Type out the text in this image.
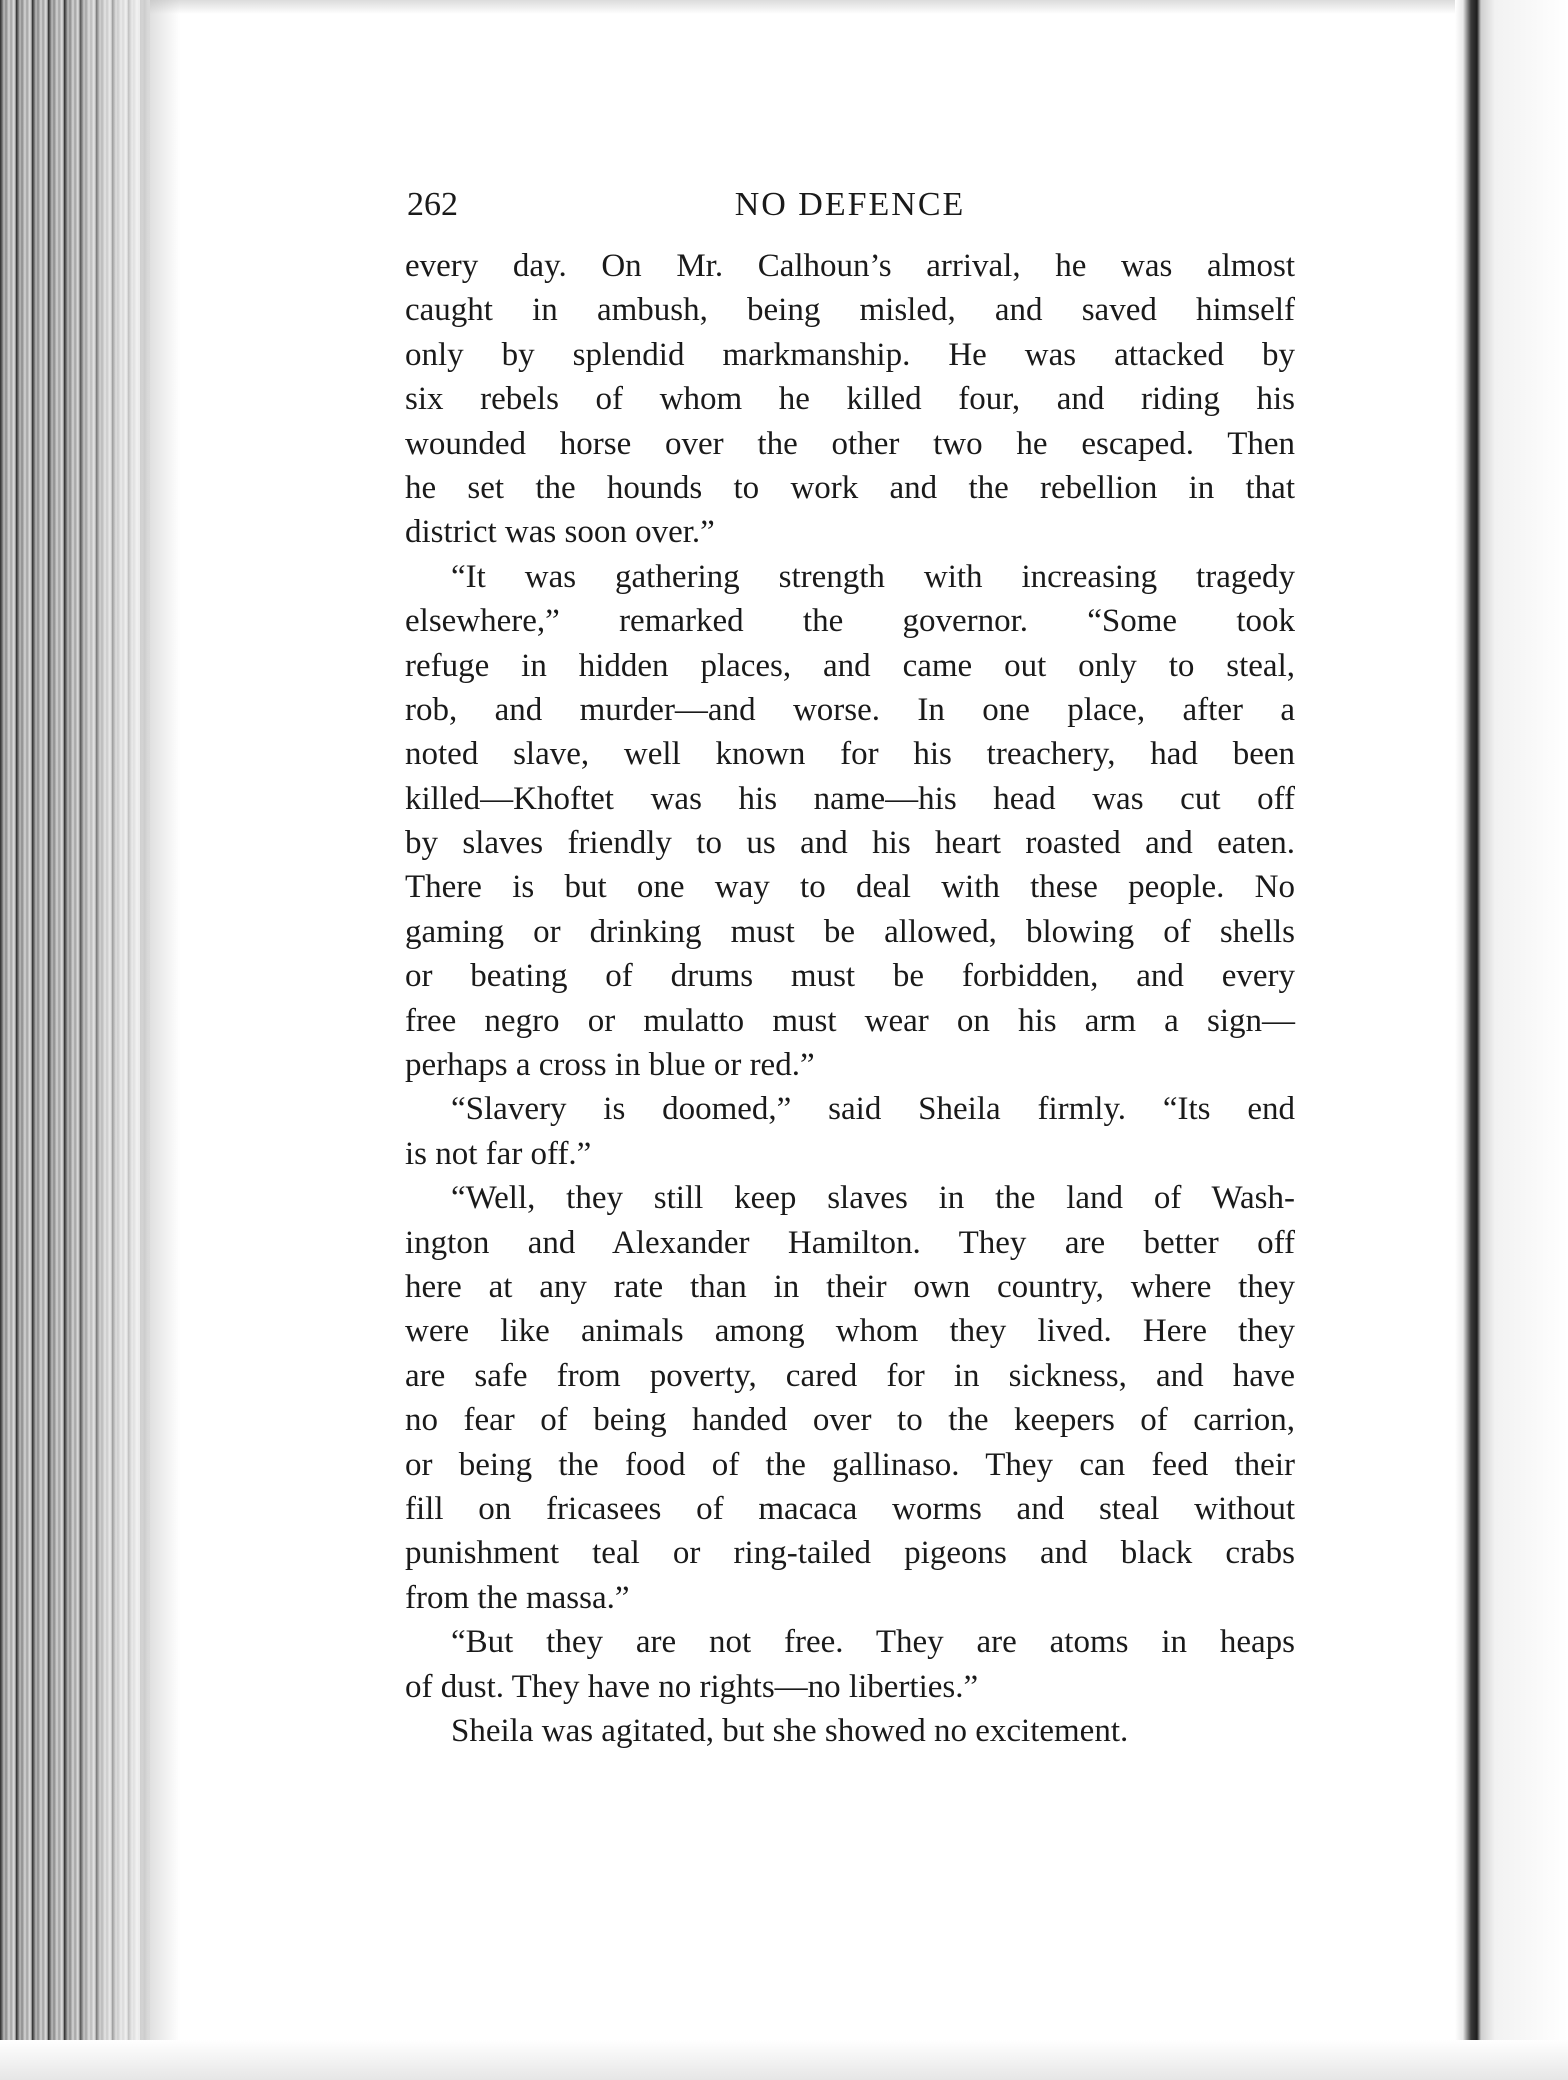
262	NO DEFENCE
every day. On Mr. Calhoun’s arrival, he was almost
caught in ambush, being misled, and saved himself
only by splendid markmanship. He was attacked by
six rebels of whom he killed four, and riding his
wounded horse over the other two he escaped. Then
he set the hounds to work and the rebellion in that
district was soon over.”
“It was gathering strength with increasing tragedy
elsewhere,” remarked the governor. “Some took
refuge in hidden places, and came out only to steal,
rob, and murder—and worse. In one place, after a
noted slave, well known for his treachery, had been
killed—Khoftet was his name—his head was cut off
by slaves friendly to us and his heart roasted and eaten.
There is but one way to deal with these people. No
gaming or drinking must be allowed, blowing of shells
or beating of drums must be forbidden, and every
free negro or mulatto must wear on his arm a sign—
perhaps a cross in blue or red.”
“Slavery is doomed,” said Sheila firmly. “Its end
is not far off.”
“Well, they still keep slaves in the land of Wash-
ington and Alexander Hamilton. They are better off
here at any rate than in their own country, where they
were like animals among whom they lived. Here they
are safe from poverty, cared for in sickness, and have
no fear of being handed over to the keepers of carrion,
or being the food of the gallinaso. They can feed their
fill on fricasees of macaca worms and steal without
punishment teal or ring-tailed pigeons and black crabs
from the massa.”
“But they are not free. They are atoms in heaps
of dust. They have no rights—no liberties.”
Sheila was agitated, but she showed no excitement.
